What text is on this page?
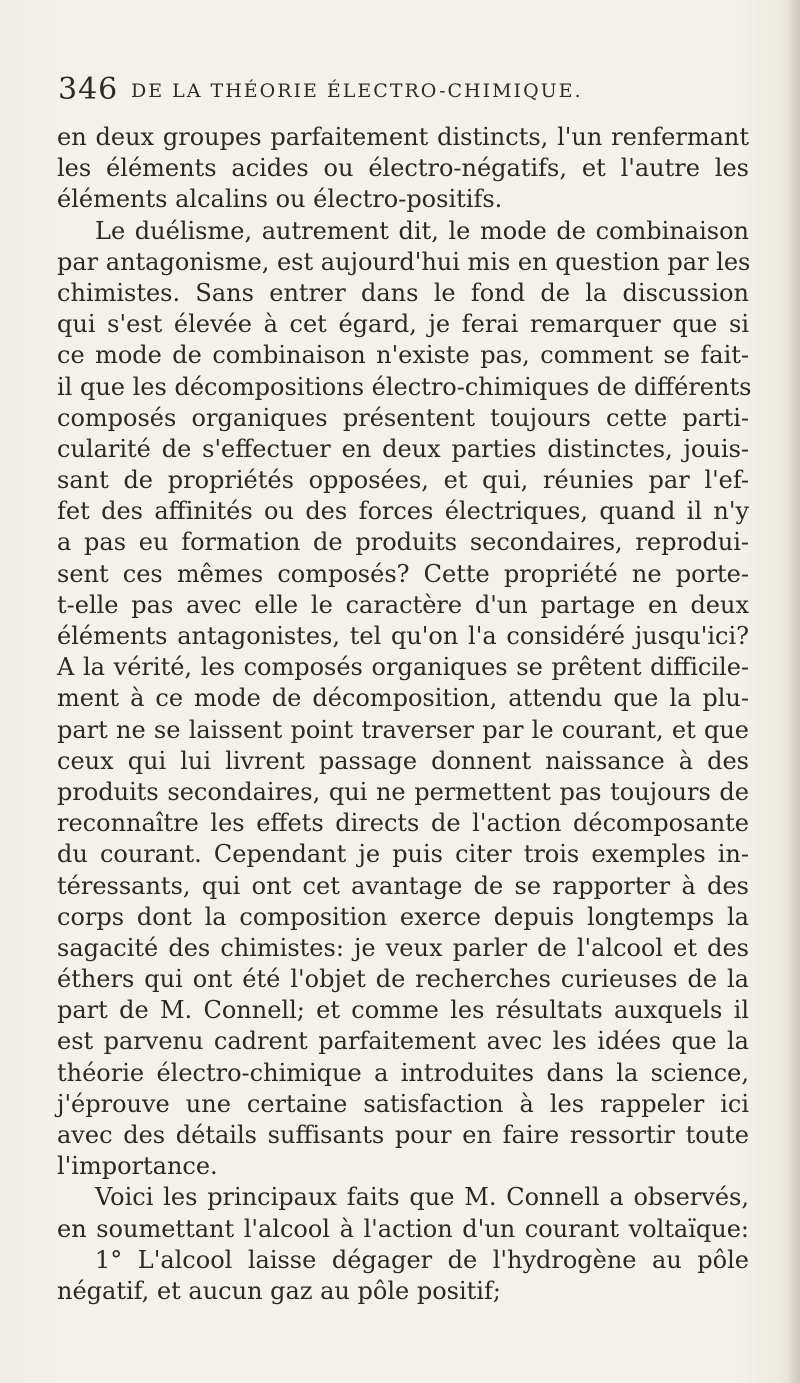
346 DE LA THÉORIE ÉLECTRO-CHIMIQUE.
en deux groupes parfaitement distincts, l'un renfermant
les éléments acides ou électro-négatifs, et l'autre les
éléments alcalins ou électro-positifs.
Le duélisme, autrement dit, le mode de combinaison
par antagonisme, est aujourd'hui mis en question par les
chimistes. Sans entrer dans le fond de la discussion
qui s'est élevée à cet égard, je ferai remarquer que si
ce mode de combinaison n'existe pas, comment se fait-
il que les décompositions électro-chimiques de différents
composés organiques présentent toujours cette parti-
cularité de s'effectuer en deux parties distinctes, jouis-
sant de propriétés opposées, et qui, réunies par l'ef-
fet des affinités ou des forces électriques, quand il n'y
a pas eu formation de produits secondaires, reprodui-
sent ces mêmes composés? Cette propriété ne porte-
t-elle pas avec elle le caractère d'un partage en deux
éléments antagonistes, tel qu'on l'a considéré jusqu'ici?
A la vérité, les composés organiques se prêtent difficile-
ment à ce mode de décomposition, attendu que la plu-
part ne se laissent point traverser par le courant, et que
ceux qui lui livrent passage donnent naissance à des
produits secondaires, qui ne permettent pas toujours de
reconnaître les effets directs de l'action décomposante
du courant. Cependant je puis citer trois exemples in-
téressants, qui ont cet avantage de se rapporter à des
corps dont la composition exerce depuis longtemps la
sagacité des chimistes: je veux parler de l'alcool et des
éthers qui ont été l'objet de recherches curieuses de la
part de M. Connell; et comme les résultats auxquels il
est parvenu cadrent parfaitement avec les idées que la
théorie électro-chimique a introduites dans la science,
j'éprouve une certaine satisfaction à les rappeler ici
avec des détails suffisants pour en faire ressortir toute
l'importance.
Voici les principaux faits que M. Connell a observés,
en soumettant l'alcool à l'action d'un courant voltaïque:
1° L'alcool laisse dégager de l'hydrogène au pôle
négatif, et aucun gaz au pôle positif;
